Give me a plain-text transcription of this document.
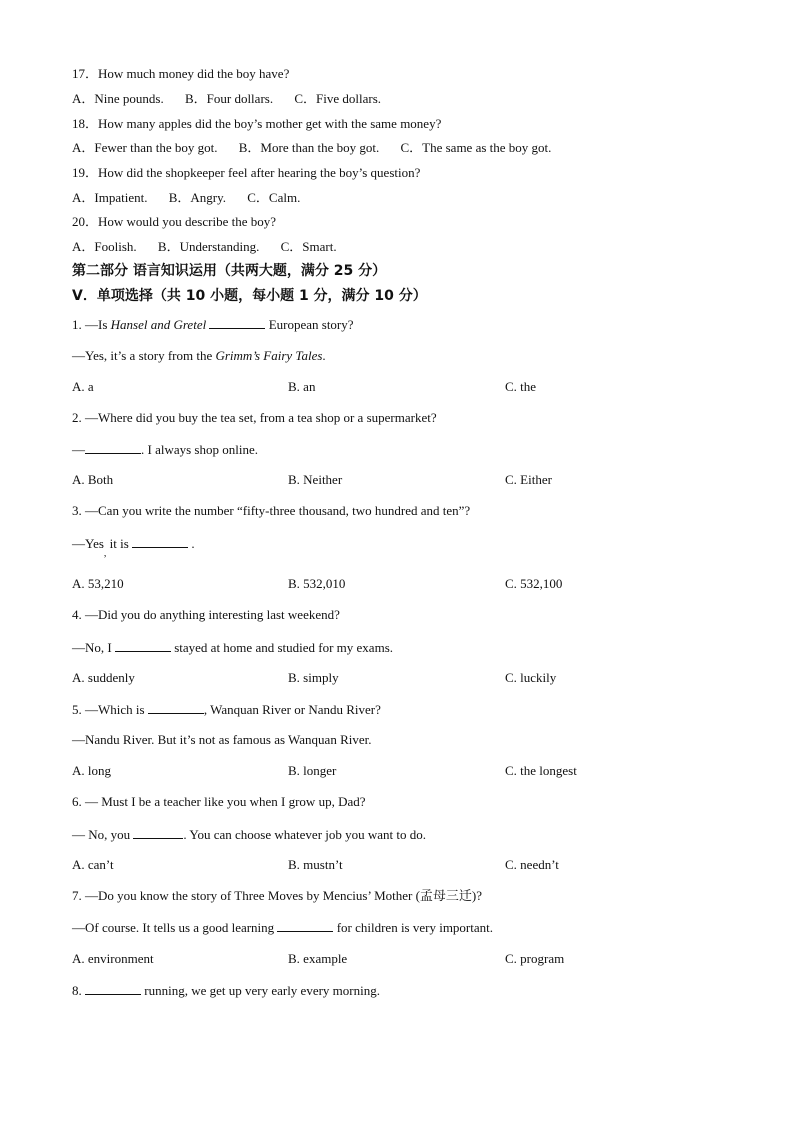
17．How much money did the boy have?
A．Nine pounds. B．Four dollars. C．Five dollars.
18．How many apples did the boy’s mother get with the same money?
A．Fewer than the boy got. B．More than the boy got. C．The same as the boy got.
19．How did the shopkeeper feel after hearing the boy’s question?
A．Impatient. B．Angry. C．Calm.
20．How would you describe the boy?
A．Foolish. B．Understanding. C．Smart.
第二部分 语言知识运用（共两大题，满分 25 分）
V．单项选择（共 10 小题，每小题 1 分，满分 10 分）
1. —Is Hansel and Gretel	European story?
—Yes, it’s a story from the Grimm’s Fairy Tales.
A. a	B. an	C. the
2. —Where did you buy the tea set, from a tea shop or a supermarket?
—	. I always shop online.
A. Both	B. Neither	C. Either
3. —Can you write the number “fifty-three thousand, two hundred and ten”?
—Yes$_,$ it is	.
A. 53,210	B. 532,010	C. 532,100
4. —Did you do anything interesting last weekend?
—No, I	stayed at home and studied for my exams.
A. suddenly	B. simply	C. luckily
5. —Which is	, Wanquan River or Nandu River?
—Nandu River. But it’s not as famous as Wanquan River.
A. long	B. longer	C. the longest
6. — Must I be a teacher like you when I grow up, Dad?
— No, you	. You can choose whatever job you want to do.
A. can’t	B. mustn’t	C. needn’t
7. —Do you know the story of Three Moves by Mencius’ Mother (孟母三迁)?
—Of course. It tells us a good learning	for children is very important.
A. environment	B. example	C. program
8.	running, we get up very early every morning.
